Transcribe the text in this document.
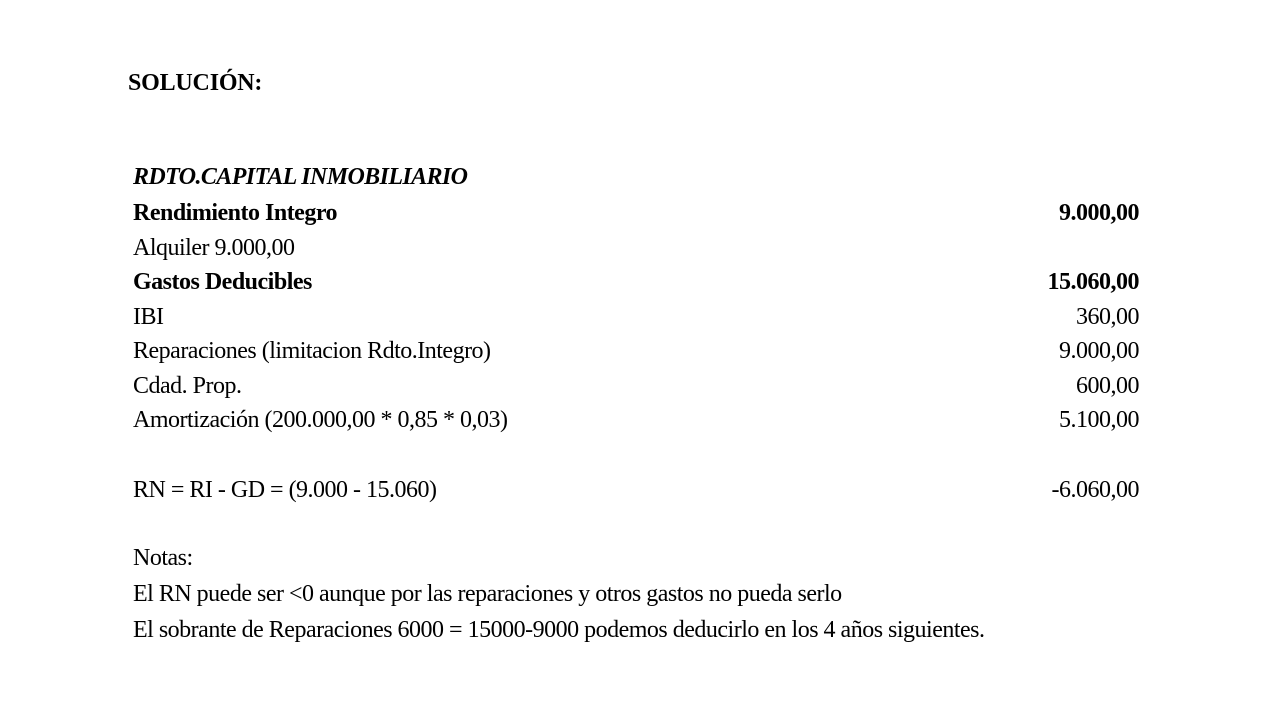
SOLUCIÓN:
RDTO.CAPITAL INMOBILIARIO
Rendimiento Integro	9.000,00
Alquiler 9.000,00
Gastos Deducibles	15.060,00
IBI	360,00
Reparaciones (limitacion Rdto.Integro)	9.000,00
Cdad. Prop.	600,00
Amortización (200.000,00 * 0,85 * 0,03)	5.100,00
RN = RI - GD = (9.000 - 15.060)	-6.060,00
Notas:
El RN puede ser <0 aunque por las reparaciones y otros gastos no pueda serlo
El sobrante de Reparaciones 6000 = 15000-9000 podemos deducirlo en los 4 años siguientes.
